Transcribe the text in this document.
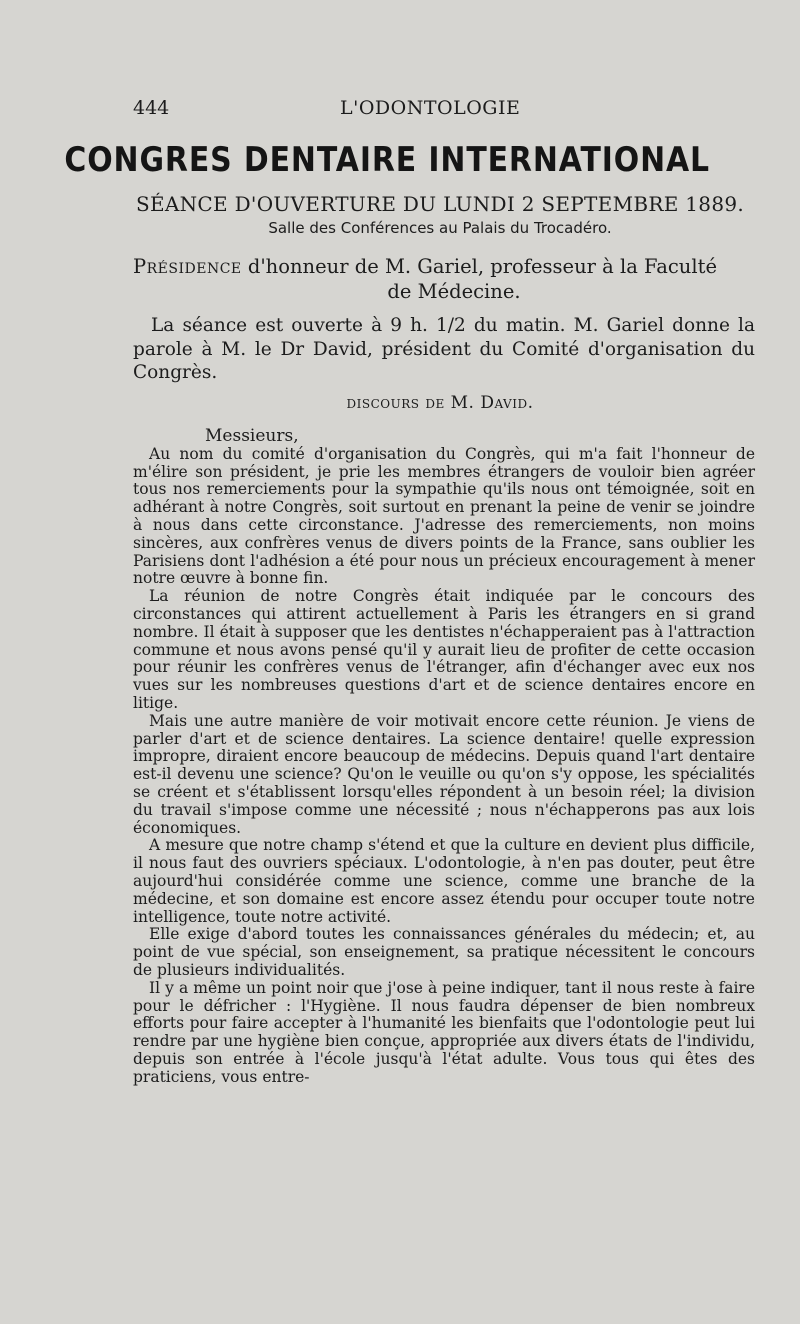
444	L'ODONTOLOGIE
CONGRES DENTAIRE INTERNATIONAL
SÉANCE D'OUVERTURE DU LUNDI 2 SEPTEMBRE 1889.
Salle des Conférences au Palais du Trocadéro.
Présidence d'honneur de M. Gariel, professeur à la Faculté
de Médecine.
La séance est ouverte à 9 h. 1/2 du matin. M. Gariel donne la parole à M. le Dr David, président du Comité d'organisation du Congrès.
discours de M. David.

Messieurs,

Au nom du comité d'organisation du Congrès, qui m'a fait l'honneur de m'élire son président, je prie les membres étrangers de vouloir bien agréer tous nos remerciements pour la sympathie qu'ils nous ont témoignée, soit en adhérant à notre Congrès, soit surtout en prenant la peine de venir se joindre à nous dans cette circonstance. J'adresse des remerciements, non moins sincères, aux confrères venus de divers points de la France, sans oublier les Parisiens dont l'adhésion a été pour nous un précieux encouragement à mener notre œuvre à bonne fin.

La réunion de notre Congrès était indiquée par le concours des circonstances qui attirent actuellement à Paris les étrangers en si grand nombre. Il était à supposer que les dentistes n'échapperaient pas à l'attraction commune et nous avons pensé qu'il y aurait lieu de profiter de cette occasion pour réunir les confrères venus de l'étranger, afin d'échanger avec eux nos vues sur les nombreuses questions d'art et de science dentaires encore en litige.

Mais une autre manière de voir motivait encore cette réunion. Je viens de parler d'art et de science dentaires. La science dentaire! quelle expression impropre, diraient encore beaucoup de médecins. Depuis quand l'art dentaire est-il devenu une science? Qu'on le veuille ou qu'on s'y oppose, les spécialités se créent et s'établissent lorsqu'elles répondent à un besoin réel; la division du travail s'impose comme une nécessité ; nous n'échapperons pas aux lois économiques.

A mesure que notre champ s'étend et que la culture en devient plus difficile, il nous faut des ouvriers spéciaux. L'odontologie, à n'en pas douter, peut être aujourd'hui considérée comme une science, comme une branche de la médecine, et son domaine est encore assez étendu pour occuper toute notre intelligence, toute notre activité.

Elle exige d'abord toutes les connaissances générales du médecin; et, au point de vue spécial, son enseignement, sa pratique nécessitent le concours de plusieurs individualités.

Il y a même un point noir que j'ose à peine indiquer, tant il nous reste à faire pour le défricher : l'Hygiène. Il nous faudra dépenser de bien nombreux efforts pour faire accepter à l'humanité les bienfaits que l'odontologie peut lui rendre par une hygiène bien conçue, appropriée aux divers états de l'individu, depuis son entrée à l'école jusqu'à l'état adulte. Vous tous qui êtes des praticiens, vous entre-
